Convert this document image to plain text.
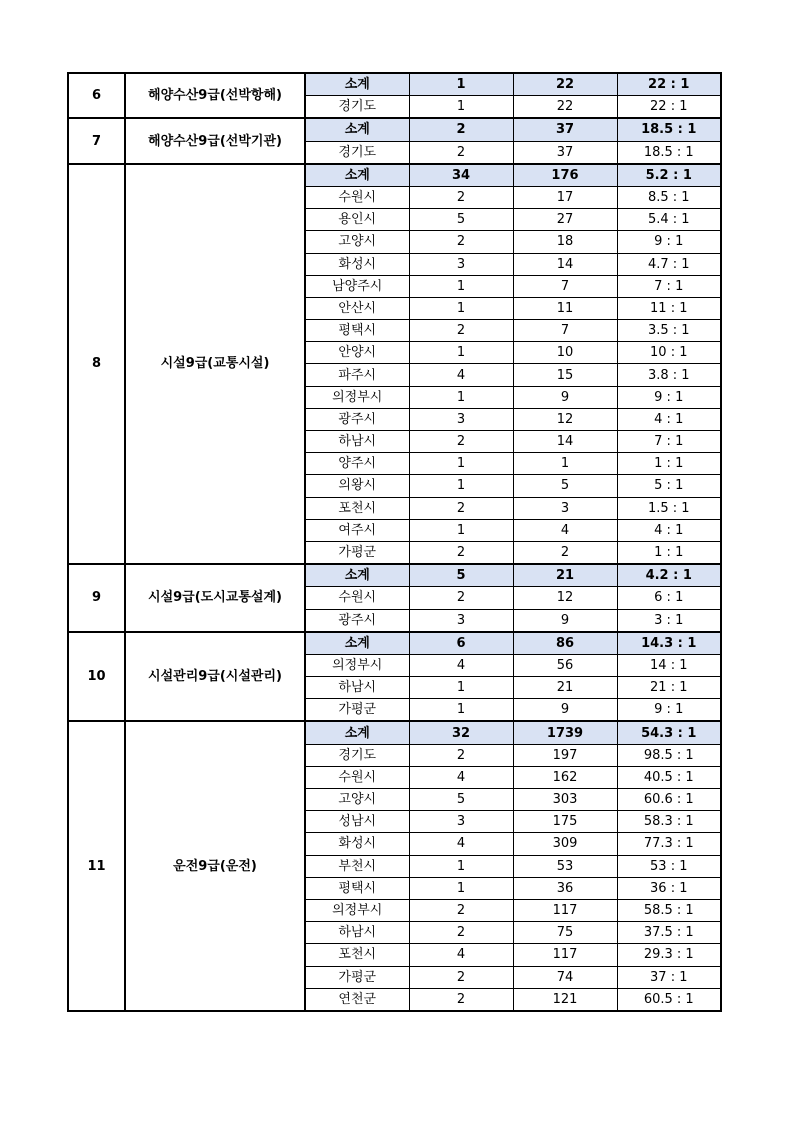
6	해양수산9급(선박항해)	소계	1	22	22 : 1
		경기도	1	22	22 : 1
7	해양수산9급(선박기관)	소계	2	37	18.5 : 1
		경기도	2	37	18.5 : 1
8	시설9급(교통시설)	소계	34	176	5.2 : 1
		수원시	2	17	8.5 : 1
		용인시	5	27	5.4 : 1
		고양시	2	18	9 : 1
		화성시	3	14	4.7 : 1
		남양주시	1	7	7 : 1
		안산시	1	11	11 : 1
		평택시	2	7	3.5 : 1
		안양시	1	10	10 : 1
		파주시	4	15	3.8 : 1
		의정부시	1	9	9 : 1
		광주시	3	12	4 : 1
		하남시	2	14	7 : 1
		양주시	1	1	1 : 1
		의왕시	1	5	5 : 1
		포천시	2	3	1.5 : 1
		여주시	1	4	4 : 1
		가평군	2	2	1 : 1
9	시설9급(도시교통설계)	소계	5	21	4.2 : 1
		수원시	2	12	6 : 1
		광주시	3	9	3 : 1
10	시설관리9급(시설관리)	소계	6	86	14.3 : 1
		의정부시	4	56	14 : 1
		하남시	1	21	21 : 1
		가평군	1	9	9 : 1
11	운전9급(운전)	소계	32	1739	54.3 : 1
		경기도	2	197	98.5 : 1
		수원시	4	162	40.5 : 1
		고양시	5	303	60.6 : 1
		성남시	3	175	58.3 : 1
		화성시	4	309	77.3 : 1
		부천시	1	53	53 : 1
		평택시	1	36	36 : 1
		의정부시	2	117	58.5 : 1
		하남시	2	75	37.5 : 1
		포천시	4	117	29.3 : 1
		가평군	2	74	37 : 1
		연천군	2	121	60.5 : 1
